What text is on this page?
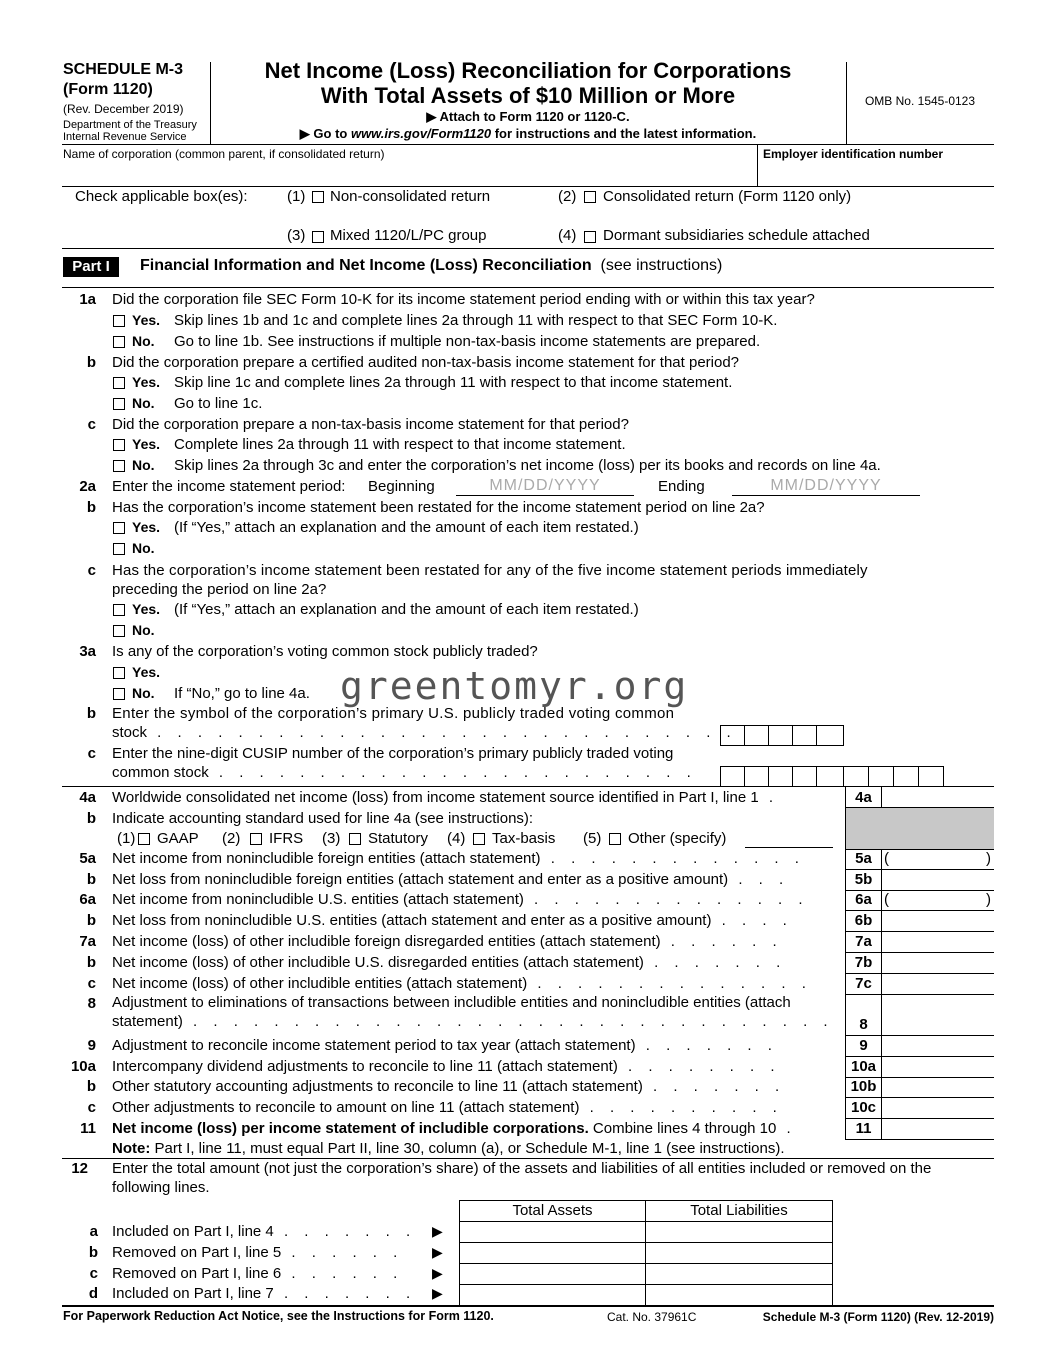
SCHEDULE M-3
(Form 1120)
(Rev. December 2019)
Department of the Treasury
Internal Revenue Service
Net Income (Loss) Reconciliation for Corporations
With Total Assets of $10 Million or More
▶ Attach to Form 1120 or 1120-C.
▶ Go to www.irs.gov/Form1120 for instructions and the latest information.
OMB No. 1545-0123
Name of corporation (common parent, if consolidated return)	Employer identification number
Check applicable box(es):	(1) Non-consolidated return	(2) Consolidated return (Form 1120 only)
(3) Mixed 1120/L/PC group	(4) Dormant subsidiaries schedule attached
Part I	Financial Information and Net Income (Loss) Reconciliation (see instructions)
1a Did the corporation file SEC Form 10-K for its income statement period ending with or within this tax year?
Yes. Skip lines 1b and 1c and complete lines 2a through 11 with respect to that SEC Form 10-K.
No. Go to line 1b. See instructions if multiple non-tax-basis income statements are prepared.
b Did the corporation prepare a certified audited non-tax-basis income statement for that period?
Yes. Skip line 1c and complete lines 2a through 11 with respect to that income statement.
No. Go to line 1c.
c Did the corporation prepare a non-tax-basis income statement for that period?
Yes. Complete lines 2a through 11 with respect to that income statement.
No. Skip lines 2a through 3c and enter the corporation’s net income (loss) per its books and records on line 4a.
2a Enter the income statement period: Beginning	MM/DD/YYYY	Ending	MM/DD/YYYY
b Has the corporation’s income statement been restated for the income statement period on line 2a?
Yes. (If “Yes,” attach an explanation and the amount of each item restated.)
No.
c Has the corporation’s income statement been restated for any of the five income statement periods immediately
preceding the period on line 2a?
Yes. (If “Yes,” attach an explanation and the amount of each item restated.)
No.
3a Is any of the corporation’s voting common stock publicly traded?
Yes.
No. If “No,” go to line 4a. greentomyr.org
b Enter the symbol of the corporation’s primary U.S. publicly traded voting common
stock . . . . . . . . . . . . . . . . . . . . . . . . . . . . .
c Enter the nine-digit CUSIP number of the corporation’s primary publicly traded voting
common stock . . . . . . . . . . . . . . . . . . . . . . . .
4a Worldwide consolidated net income (loss) from income statement source identified in Part I, line 1 .	4a
b Indicate accounting standard used for line 4a (see instructions):
(1) GAAP (2) IFRS (3) Statutory (4) Tax-basis (5) Other (specify)
5a Net income from nonincludible foreign entities (attach statement) . . . . . . . . . . . . .	5a (	)
b Net loss from nonincludible foreign entities (attach statement and enter as a positive amount) . . .	5b
6a Net income from nonincludible U.S. entities (attach statement) . . . . . . . . . . . . . .	6a (	)
b Net loss from nonincludible U.S. entities (attach statement and enter as a positive amount) . . . .	6b
7a Net income (loss) of other includible foreign disregarded entities (attach statement) . . . . . .	7a
b Net income (loss) of other includible U.S. disregarded entities (attach statement) . . . . . . .	7b
c Net income (loss) of other includible entities (attach statement) . . . . . . . . . . . . . .	7c
8 Adjustment to eliminations of transactions between includible entities and nonincludible entities (attach
statement) . . . . . . . . . . . . . . . . . . . . . . . . . . . . . . . .	8
9 Adjustment to reconcile income statement period to tax year (attach statement) . . . . . . .	9
10a Intercompany dividend adjustments to reconcile to line 11 (attach statement) . . . . . . . .	10a
b Other statutory accounting adjustments to reconcile to line 11 (attach statement) . . . . . . .	10b
c Other adjustments to reconcile to amount on line 11 (attach statement) . . . . . . . . . .	10c
11 Net income (loss) per income statement of includible corporations. Combine lines 4 through 10 .	11
Note: Part I, line 11, must equal Part II, line 30, column (a), or Schedule M-1, line 1 (see instructions).
12 Enter the total amount (not just the corporation’s share) of the assets and liabilities of all entities included or removed on the
following lines.
Total Assets	Total Liabilities
a Included on Part I, line 4 . . . . . . . ▶
b Removed on Part I, line 5 . . . . . . ▶
c Removed on Part I, line 6 . . . . . . ▶
d Included on Part I, line 7 . . . . . . . ▶
For Paperwork Reduction Act Notice, see the Instructions for Form 1120.	Cat. No. 37961C	Schedule M-3 (Form 1120) (Rev. 12-2019)
